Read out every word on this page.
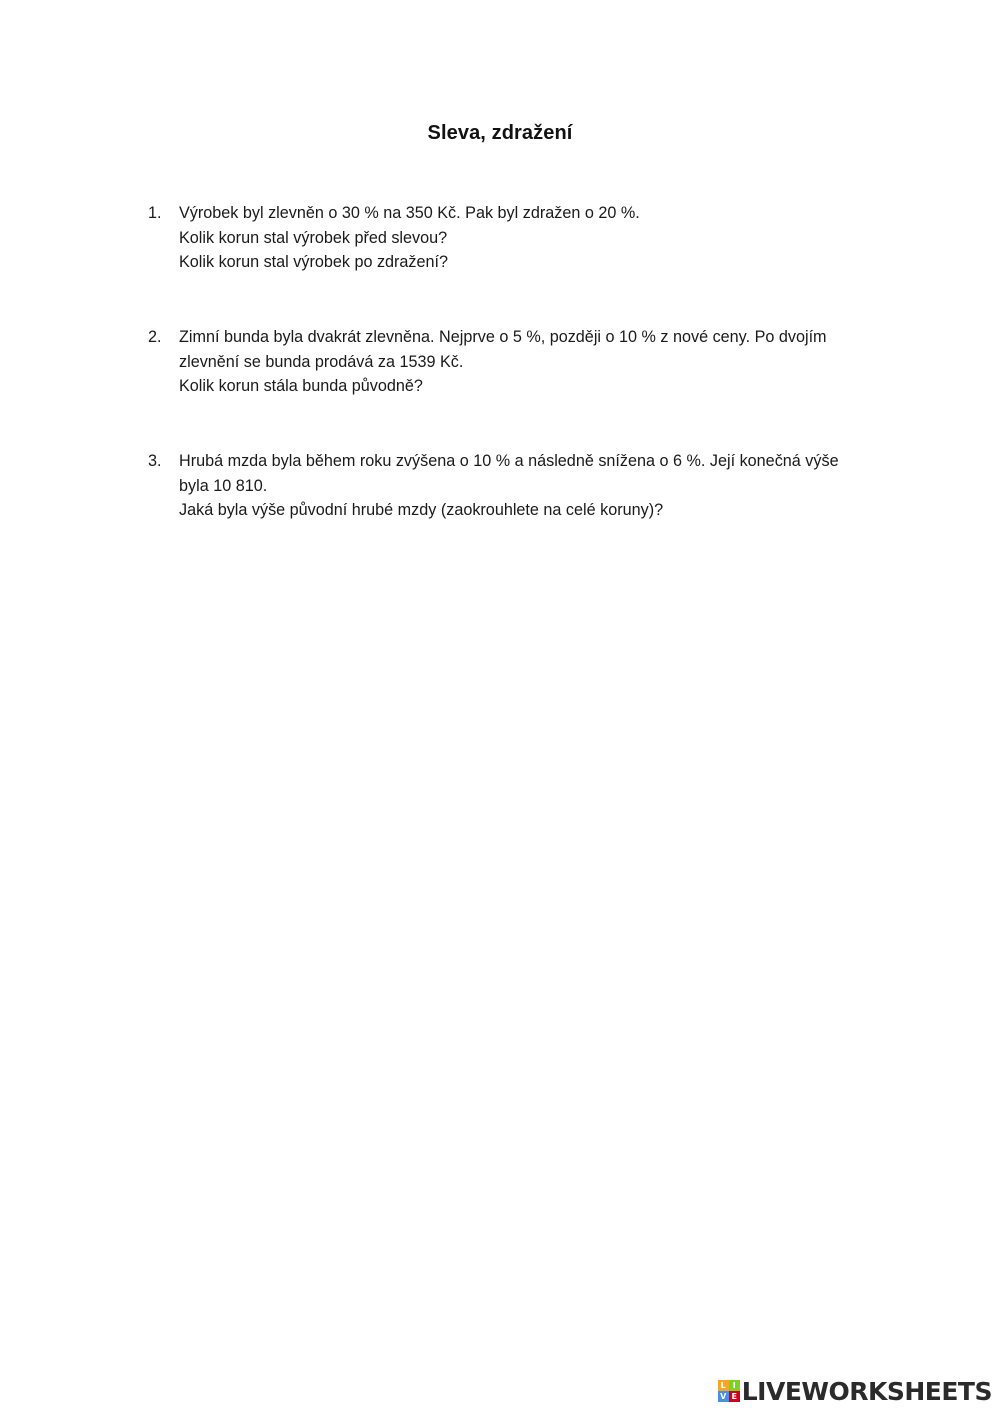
Sleva, zdražení
1.	Výrobek byl zlevněn o 30 % na 350 Kč. Pak byl zdražen o 20 %.
Kolik korun stal výrobek před slevou?
Kolik korun stal výrobek po zdražení?
2.	Zimní bunda byla dvakrát zlevněna. Nejprve o 5 %, později o 10 % z nové ceny. Po dvojím
zlevnění se bunda prodává za 1539 Kč.
Kolik korun stála bunda původně?
3.	Hrubá mzda byla během roku zvýšena o 10 % a následně snížena o 6 %. Její konečná výše
byla 10 810.
Jaká byla výše původní hrubé mzdy (zaokrouhlete na celé koruny)?
L I
V E LIVEWORKSHEETS
